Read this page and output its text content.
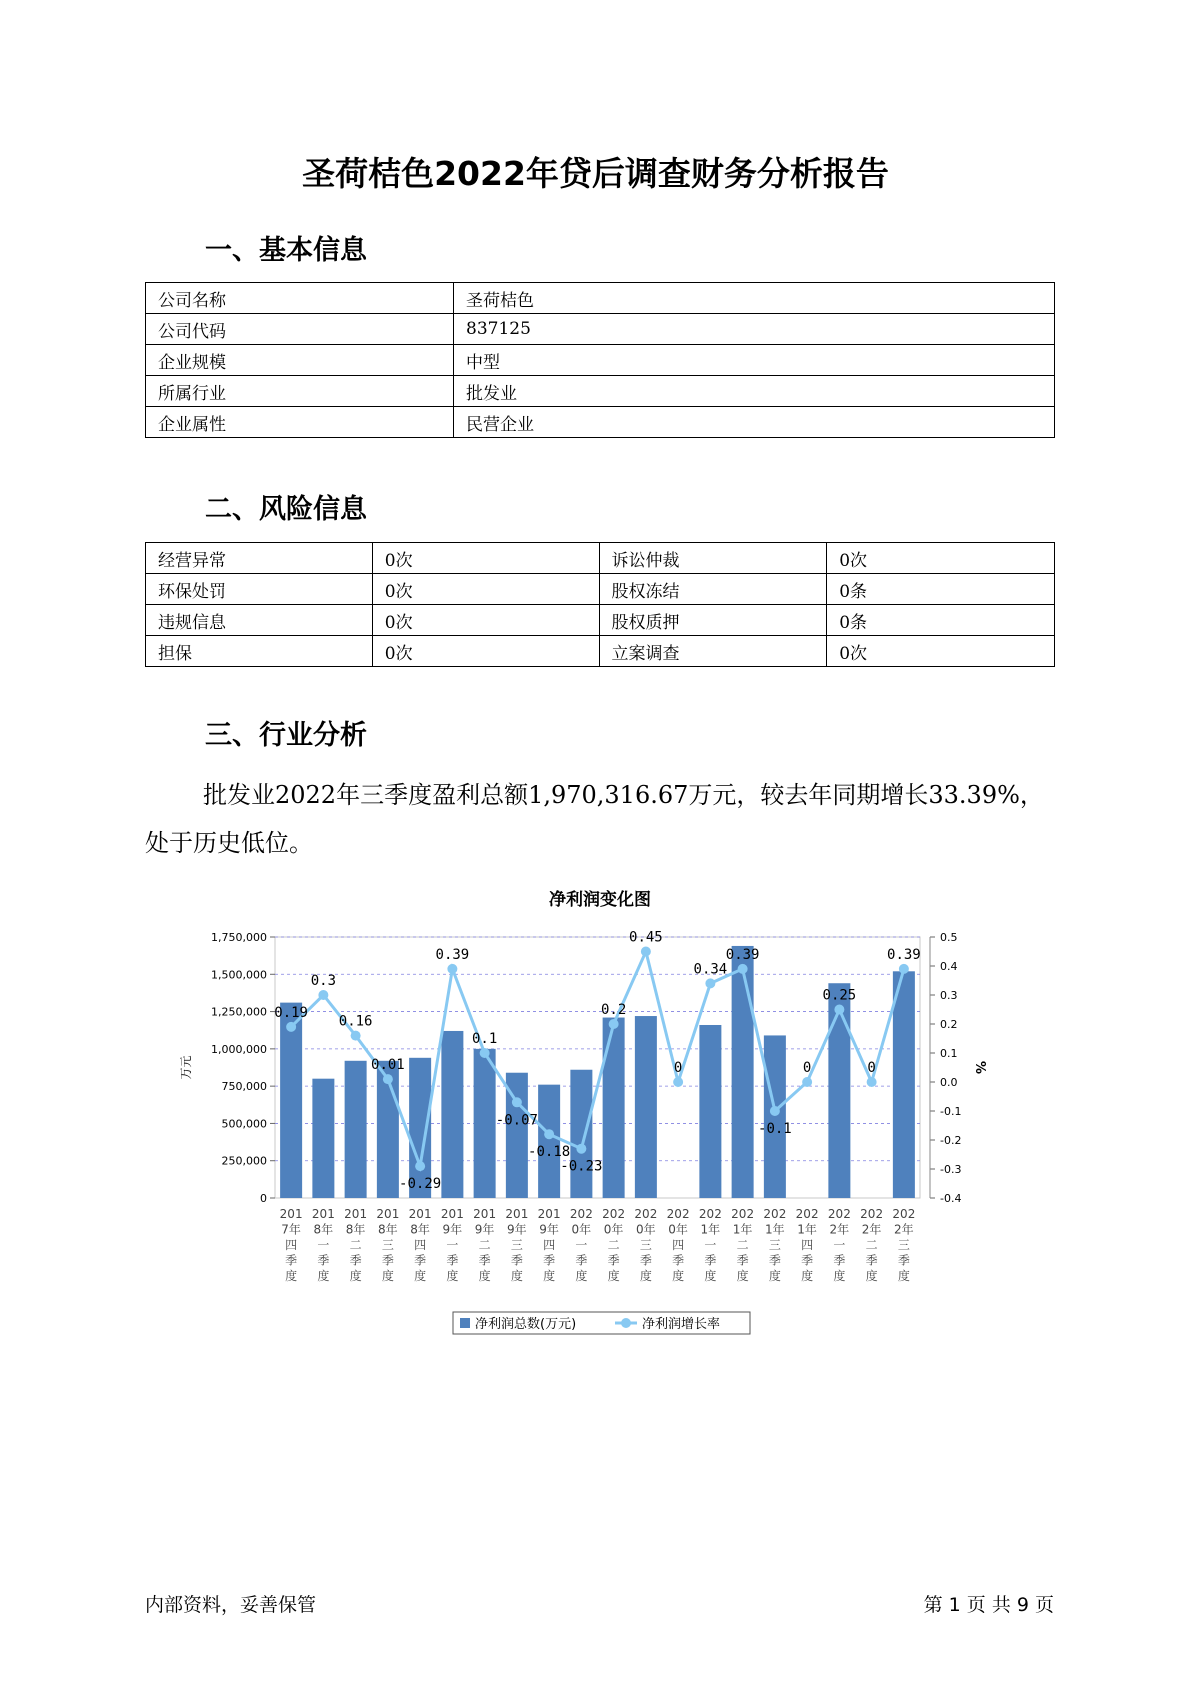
圣荷桔色2022年贷后调查财务分析报告
一、基本信息
公司名称	圣荷桔色
公司代码	837125
企业规模	中型
所属行业	批发业
企业属性	民营企业
二、风险信息
经营异常	0次	诉讼仲裁	0次
环保处罚	0次	股权冻结	0条
违规信息	0次	股权质押	0条
担保	0次	立案调查	0次
三、行业分析
批发业2022年三季度盈利总额1,970,316.67万元，较去年同期增长33.39%，处于历史低位。
净利润变化图
0
250,000
500,000
750,000
1,000,000
1,250,000
1,500,000
1,750,000
-0.4
-0.3
-0.2
-0.1
0.0
0.1
0.2
0.3
0.4
0.5
万元	%
0.19
0.3
0.16
0.01
-0.29
0.39
0.1
-0.07
-0.18
-0.23
0.2
0.45
0
0.34
0.39
-0.1
0
0.25
0
0.39
201 7年四季度
201 8年一季度
201 8年二季度
201 8年三季度
201 8年四季度
201 9年一季度
201 9年二季度
201 9年三季度
201 9年四季度
202 0年一季度
202 0年二季度
202 0年三季度
202 0年四季度
202 1年一季度
202 1年二季度
202 1年三季度
202 1年四季度
202 2年一季度
202 2年二季度
202 2年三季度
净利润总数(万元)	净利润增长率
内部资料，妥善保管	第 1 页 共 9 页
